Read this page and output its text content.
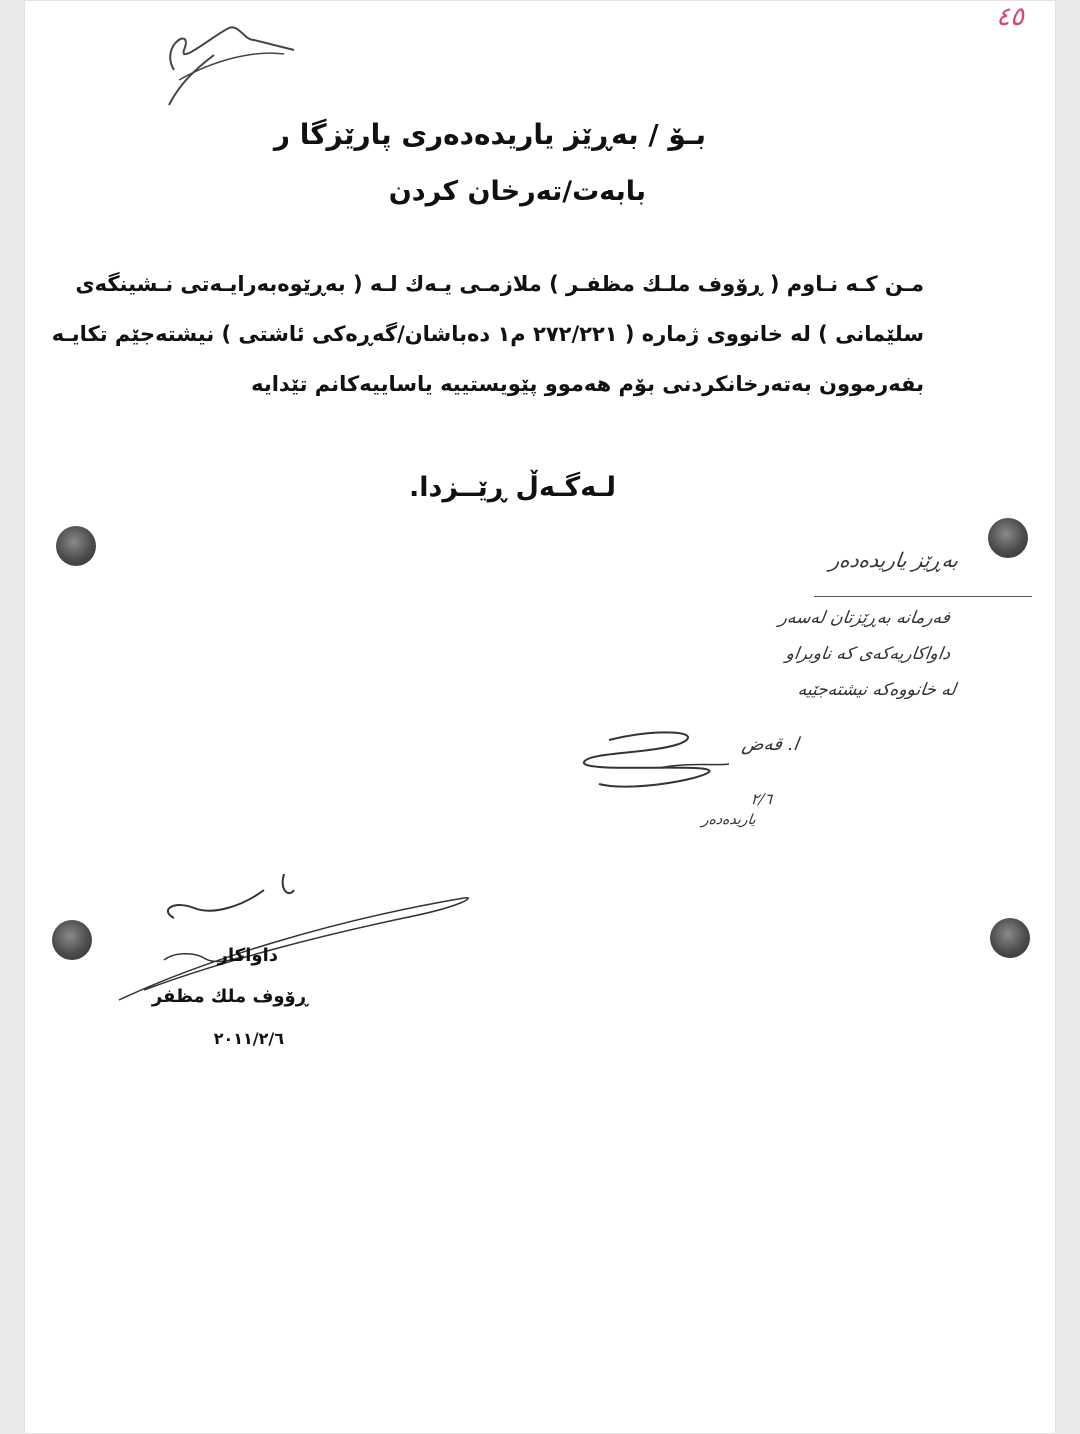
٤٥
بـۆ / بەڕێز یاریدەدەری پارێزگا ر
بابەت/تەرخان کردن
مـن کـە نـاوم ( ڕۆوف ملـك مظفـر ) ملازمـی یـەك لـە ( بەڕێوەبەرایـەتی نـشینگەی
سلێمانی ) لە خانووی ژمارە ( ٢٧٢/٢٢١ م١ دەباشان/گەڕەکی ئاشتی ) نیشتەجێم تکایـە
بفەرموون بەتەرخانکردنی بۆم هەموو پێویستییە یاساییەکانم تێدایە
لـەگـەڵ ڕێــزدا.
بەڕێز یاریدەدەر
فەرمانە بەڕێزتان لەسەر
داواکاریەکەی کە ناوبراو
لە خانووەکە نیشتەجێیە
ا. قەض
٢/٦
یاریدەدەر
داواکار
ڕۆوف ملك مظفر
٢٠١١/٢/٦
